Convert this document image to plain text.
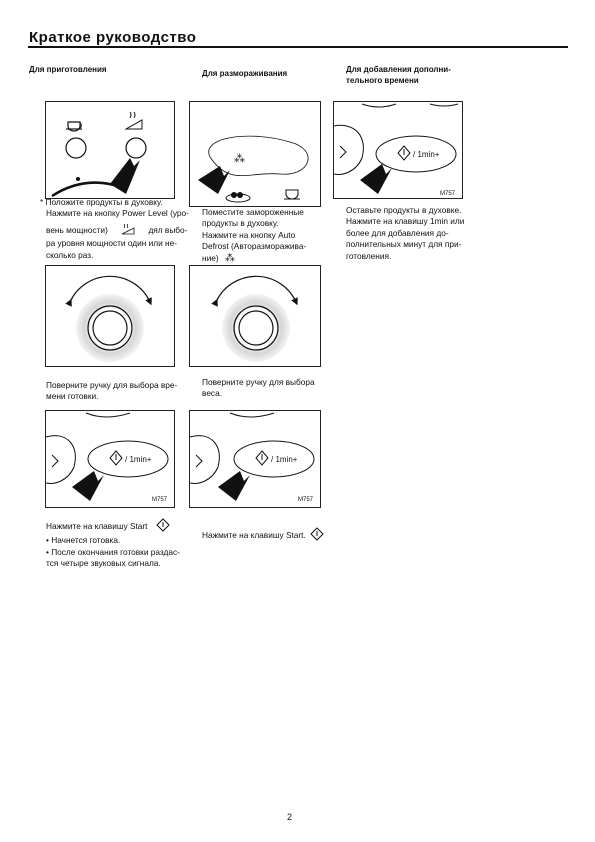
Краткое руководство
Для приготовления	Для размораживания	Для добавления дополни-
тельного времени
* Положите продукты в духовку.
Нажмите на кнопку Power Level (уро-
вень мощности)	дял выбо-
ра уровня мощности один или не-
сколько раз.
⁂
Поместите замороженные
продукты в духовку.
Нажмите на кнопку Auto
Defrost (Авторазморажива-
ние) ⁂
/ 1min+
M757
Оставьте продукты в духовке.
Нажмите на клавишу 1min или
более для добавления до-
полнительных минут для при-
готовления.
Поверните ручку для выбора вре-
мени готовки.
Поверните ручку для выбора
веса.
/ 1min+
M757
Нажмите на клавишу Start
• Начнется готовка.
• После окончания готовки раздас-
тся четыре звуковых сигнала.
/ 1min+
M757
Нажмите на клавишу Start.
2
